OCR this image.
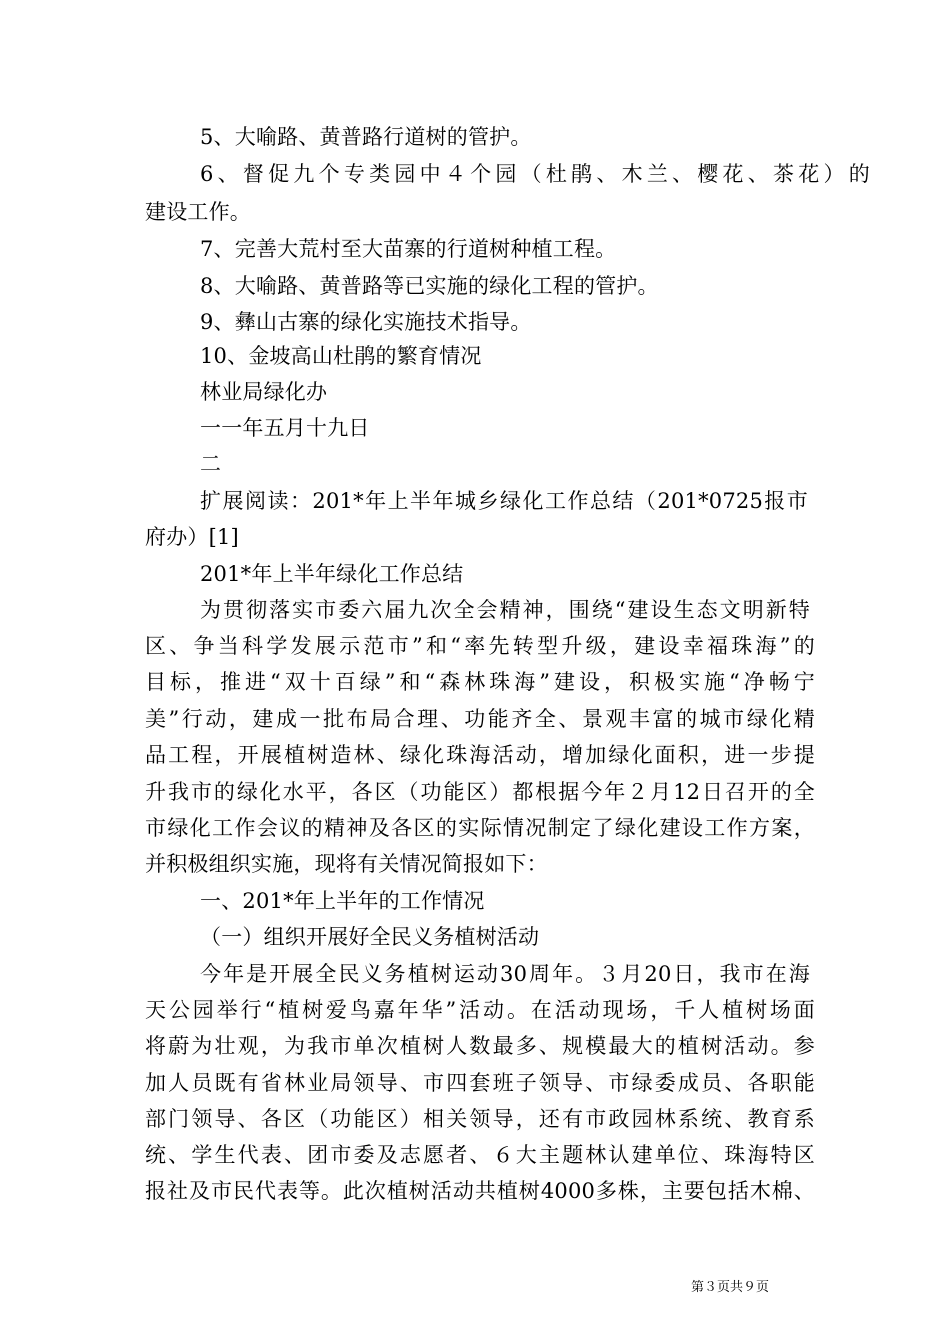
5、大喻路、黄普路行道树的管护。
6、督促九个专类园中４个园（杜鹃、木兰、樱花、茶花）的
建设工作。
7、完善大荒村至大苗寨的行道树种植工程。
8、大喻路、黄普路等已实施的绿化工程的管护。
9、彝山古寨的绿化实施技术指导。
10、金坡高山杜鹃的繁育情况
林业局绿化办
一一年五月十九日
二
扩展阅读：201*年上半年城乡绿化工作总结（201*0725报市
府办）[1]
201*年上半年绿化工作总结
为贯彻落实市委六届九次全会精神，围绕“建设生态文明新特
区、争当科学发展示范市”和“率先转型升级，建设幸福珠海”的
目标，推进“双十百绿”和“森林珠海”建设，积极实施“净畅宁
美”行动，建成一批布局合理、功能齐全、景观丰富的城市绿化精
品工程，开展植树造林、绿化珠海活动，增加绿化面积，进一步提
升我市的绿化水平，各区（功能区）都根据今年２月12日召开的全
市绿化工作会议的精神及各区的实际情况制定了绿化建设工作方案，
并积极组织实施，现将有关情况简报如下：
一、201*年上半年的工作情况
（一）组织开展好全民义务植树活动
今年是开展全民义务植树运动30周年。３月20日，我市在海
天公园举行“植树爱鸟嘉年华”活动。在活动现场，千人植树场面
将蔚为壮观，为我市单次植树人数最多、规模最大的植树活动。参
加人员既有省林业局领导、市四套班子领导、市绿委成员、各职能
部门领导、各区（功能区）相关领导，还有市政园林系统、教育系
统、学生代表、团市委及志愿者、６大主题林认建单位、珠海特区
报社及市民代表等。此次植树活动共植树4000多株，主要包括木棉、
第３页共９页
